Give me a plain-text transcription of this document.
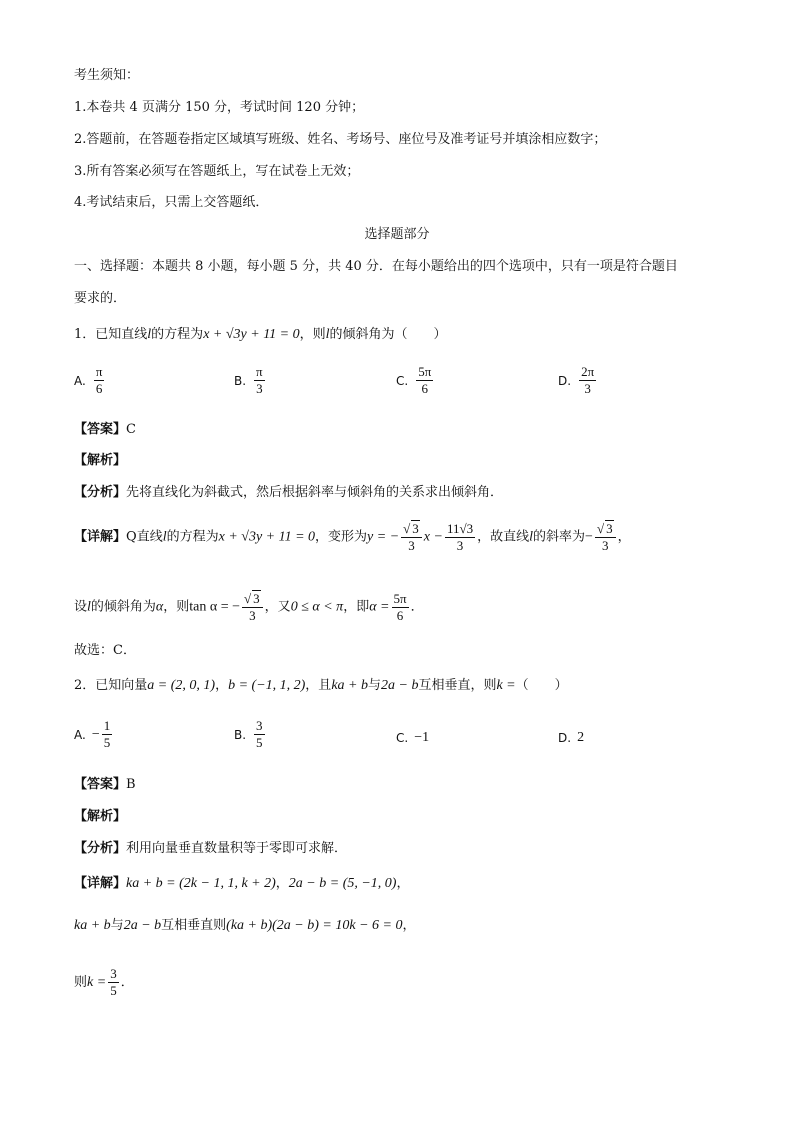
考生须知：
1.本卷共 4 页满分 150 分，考试时间 120 分钟；
2.答题前，在答题卷指定区域填写班级、姓名、考场号、座位号及准考证号并填涂相应数字；
3.所有答案必须写在答题纸上，写在试卷上无效；
4.考试结束后，只需上交答题纸．
选择题部分
一、选择题：本题共 8 小题，每小题 5 分，共 40 分．在每小题给出的四个选项中，只有一项是符合题目
要求的．
1．已知直线l的方程为x + √3y + 11 = 0，则l的倾斜角为（　　）
A. $\frac{\pi}{6}$	B. $\frac{\pi}{3}$	C. $\frac{5\pi}{6}$	D. $\frac{2\pi}{3}$
【答案】C
【解析】
【分析】先将直线化为斜截式，然后根据斜率与倾斜角的关系求出倾斜角．
【详解】Q直线l的方程为x + √3y + 11 = 0，变形为y = − $\frac{√ 3}{3}$ $x - \frac{11√3}{3}$ ，故直线l的斜率为− $\frac{√ 3}{3}$ ，
设l的倾斜角为α，则tan α = − $\frac{√ 3}{3}$ ，又0 ≤ α < π，即$\alpha = \frac{5\pi}{6}$ ．
故选：C．
2．已知向量a = (2, 0, 1)，b = (−1, 1, 2)，且ka + b与2a − b互相垂直，则k =（　　）
A. − $\frac{1}{5}$	B. $\frac{3}{5}$	C. −1	D. 2
【答案】B
【解析】
【分析】利用向量垂直数量积等于零即可求解．
【详解】ka + b = (2k − 1, 1, k + 2)，2a − b = (5, −1, 0)，
ka + b与2a − b互相垂直则(ka + b)(2a − b) = 10k − 6 = 0，
则$k = \frac{3}{5}$ ．
